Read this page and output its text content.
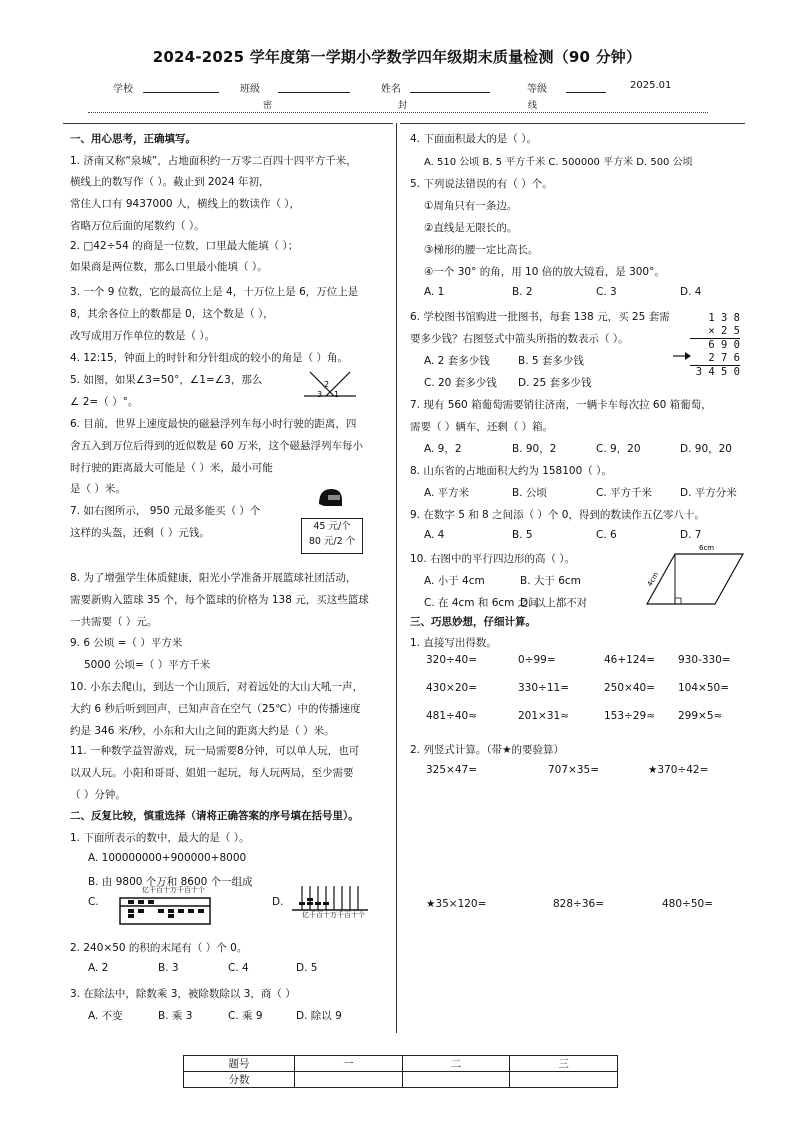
2024-2025 学年度第一学期小学数学四年级期末质量检测（90 分钟）
学校	班级	姓名	等级	2025.01
密	封	线
一、用心思考，正确填写。
1. 济南又称“泉城”，占地面积约一万零二百四十四平方千米，
横线上的数写作（ ）。截止到 2024 年初，
常住人口有 9437000 人，横线上的数读作（ ），
省略万位后面的尾数约（ ）。
2. □42÷54 的商是一位数，口里最大能填（ ）；
如果商是两位数，那么口里最小能填（ ）。
3. 一个 9 位数，它的最高位上是 4，十万位上是 6，万位上是
8，其余各位上的数都是 0，这个数是（ ），
改写成用万作单位的数是（ ）。
4. 12:15，钟面上的时针和分针组成的较小的角是（ ）角。
5. 如图，如果∠3=50°，∠1=∠3，那么
∠ 2=（ ）°。
2
3 1
6. 目前，世界上速度最快的磁悬浮列车每小时行驶的距离，四
舍五入到万位后得到的近似数是 60 万米，这个磁悬浮列车每小
时行驶的距离最大可能是（ ）米，最小可能
是（ ）米。
7. 如右图所示， 950 元最多能买（ ）个
这样的头盔，还剩（ ）元钱。
45 元/个
80 元/2 个
8. 为了增强学生体质健康，阳光小学准备开展篮球社团活动，
需要新购入篮球 35 个，每个篮球的价格为 138 元，买这些篮球
一共需要（ ）元。
9. 6 公顷 =（ ）平方米
5000 公顷=（ ）平方千米
10. 小东去爬山，到达一个山顶后，对着远处的大山大吼一声，
大约 6 秒后听到回声，已知声音在空气（25℃）中的传播速度
约是 346 米/秒，小东和大山之间的距离大约是（ ）米。
11. 一种数学益智游戏，玩一局需要8分钟，可以单人玩，也可
以双人玩。小阳和哥哥、姐姐一起玩，每人玩两局，至少需要
（ ）分钟。
二、反复比较，慎重选择（请将正确答案的序号填在括号里）。
1. 下面所表示的数中，最大的是（ ）。
A. 100000000+900000+8000
B. 由 9800 个万和 8600 个一组成
C.	D.
亿千百十万千百十个
亿千百十万千百十个
2. 240×50 的积的末尾有（ ）个 0。
A. 2	B. 3	C. 4	D. 5
3. 在除法中，除数乘 3，被除数除以 3，商（ ）
A. 不变	B. 乘 3	C. 乘 9	D. 除以 9
4. 下面面积最大的是（ ）。
A. 510 公顷 B. 5 平方千米 C. 500000 平方米 D. 500 公顷
5. 下列说法错误的有（ ）个。
①周角只有一条边。
②直线是无限长的。
③梯形的腰一定比高长。
④一个 30° 的角，用 10 倍的放大镜看，是 300°。
A. 1	B. 2	C. 3	D. 4
6. 学校图书馆购进一批图书，每套 138 元，买 25 套需
要多少钱？右图竖式中箭头所指的数表示（ ）。
A. 2 套多少钱	B. 5 套多少钱
C. 20 套多少钱 D. 25 套多少钱
1 3 8
× 2 5
6 9 0
2 7 6
3 4 5 0
7. 现有 560 箱葡萄需要销往济南，一辆卡车每次拉 60 箱葡萄，
需要（ ）辆车，还剩（ ）箱。
A. 9，2	B. 90，2	C. 9，20	D. 90，20
8. 山东省的占地面积大约为 158100（ ）。
A. 平方米	B. 公顷	C. 平方千米	D. 平方分米
9. 在数字 5 和 8 之间添（ ）个 0，得到的数读作五亿零八十。
A. 4	B. 5	C. 6	D. 7
10. 右图中的平行四边形的高（ ）。
A. 小于 4cm	B. 大于 6cm
C. 在 4cm 和 6cm 之间
D. 以上都不对
6cm
4cm
三、巧思妙想，仔细计算。
1. 直接写出得数。
320÷40=	0÷99=	46+124= 930-330=
430×20=	330÷11=	250×40= 104×50=
481÷40≈	201×31≈	153÷29≈ 299×5≈
2. 列竖式计算。（带★的要验算）
325×47=	707×35=	★370÷42=
★35×120=	828÷36=	480÷50=
题号	一	二	三
分数			
